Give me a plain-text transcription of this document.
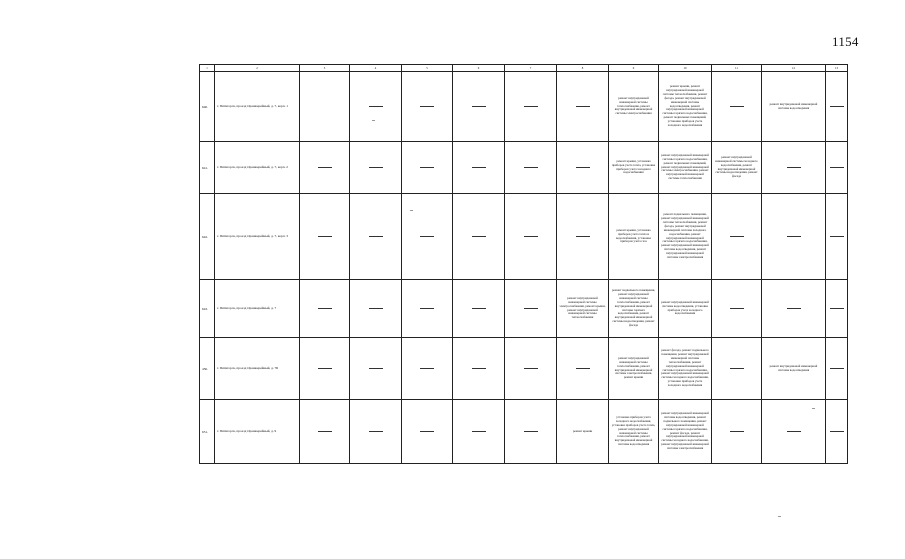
1154
1	2	3	4	5	6	7	8	9	10	11	12	13
640.	г. Пятигорск, проезд Оранжерейный, д. 7, корп. 1							ремонт внутридомовой инженерной системы теплоснабжения, ремонт внутридомовой инженерной системы электроснабжения	ремонт крыши, ремонт внутридомовой инженерной системы теплоснабжения, ремонт фасада, ремонт внутридомовой инженерной системы водоотведения, ремонт внутридомовой инженерной системы горячего водоснабжения, ремонт подвальных помещений, установка приборов учета холодного водоснабжения		ремонт внутридомовой инженерной системы водоотведения	
641.	г. Пятигорск, проезд Оранжерейный, д. 7, корп. 2							ремонт крыши, установка приборов учета тепла, установка приборов учета холодного водоснабжения	ремонт внутридомовой инженерной системы горячего водоснабжения, ремонт подвальных помещений, ремонт внутридомовой инженерной системы электроснабжения, ремонт внутридомовой инженерной системы теплоснабжения	ремонт внутридомовой инженерной системы холодного водоснабжения, ремонт внутридомовой инженерной системы водоотведения, ремонт фасада		
642.	г. Пятигорск, проезд Оранжерейный, д. 7, корп. 3							ремонт крыши, установка приборов учета тепла и водоснабжения, установка приборов учета газа	ремонт подвального помещения, ремонт внутридомовой инженерной системы теплоснабжения, ремонт фасада, ремонт внутридомовой инженерной системы холодного водоснабжения, ремонт внутридомовой инженерной системы горячего водоснабжения, ремонт внутридомовой инженерной системы водоотведения, ремонт внутридомовой инженерной системы электроснабжения			
643.	г. Пятигорск, проезд Оранжерейный, д. 7						ремонт внутридомовой инженерной системы электроснабжения, ремонт крыши, ремонт внутридомовой инженерной системы теплоснабжения	ремонт подвального помещения, ремонт внутридомовой инженерной системы теплоснабжения, ремонт внутридомовой инженерной системы горячего водоснабжения, ремонт внутридомовой инженерной системы водоотведения, ремонт фасада	ремонт внутридомовой инженерной системы водоотведения, установка приборов учета холодного водоснабжения			
450.	г. Пятигорск, проезд Оранжерейный, д. 7Б							ремонт внутридомовой инженерной системы теплоснабжения, ремонт внутридомовой инженерной системы электроснабжения, ремонт крыши	ремонт фасада, ремонт подвального помещения, ремонт внутридомовой инженерной системы теплоснабжения, ремонт внутридомовой инженерной системы горячего водоснабжения, ремонт внутридомовой инженерной системы холодного водоснабжения, установка приборов учета холодного водоснабжения		ремонт внутридомовой инженерной системы водоотведения	
651.	г. Пятигорск, проезд Оранжерейный, д. 9						ремонт крыши	установка приборов учета холодного водоснабжения, установка приборов учета тепла, ремонт внутридомовой инженерной системы теплоснабжения, ремонт внутридомовой инженерной системы водоотведения	ремонт внутридомовой инженерной системы водоотведения, ремонт подвального помещения, ремонт внутридомовой инженерной системы горячего водоснабжения, ремонт фасада, ремонт внутридомовой инженерной системы холодного водоснабжения, ремонт внутридомовой инженерной системы электроснабжения			
